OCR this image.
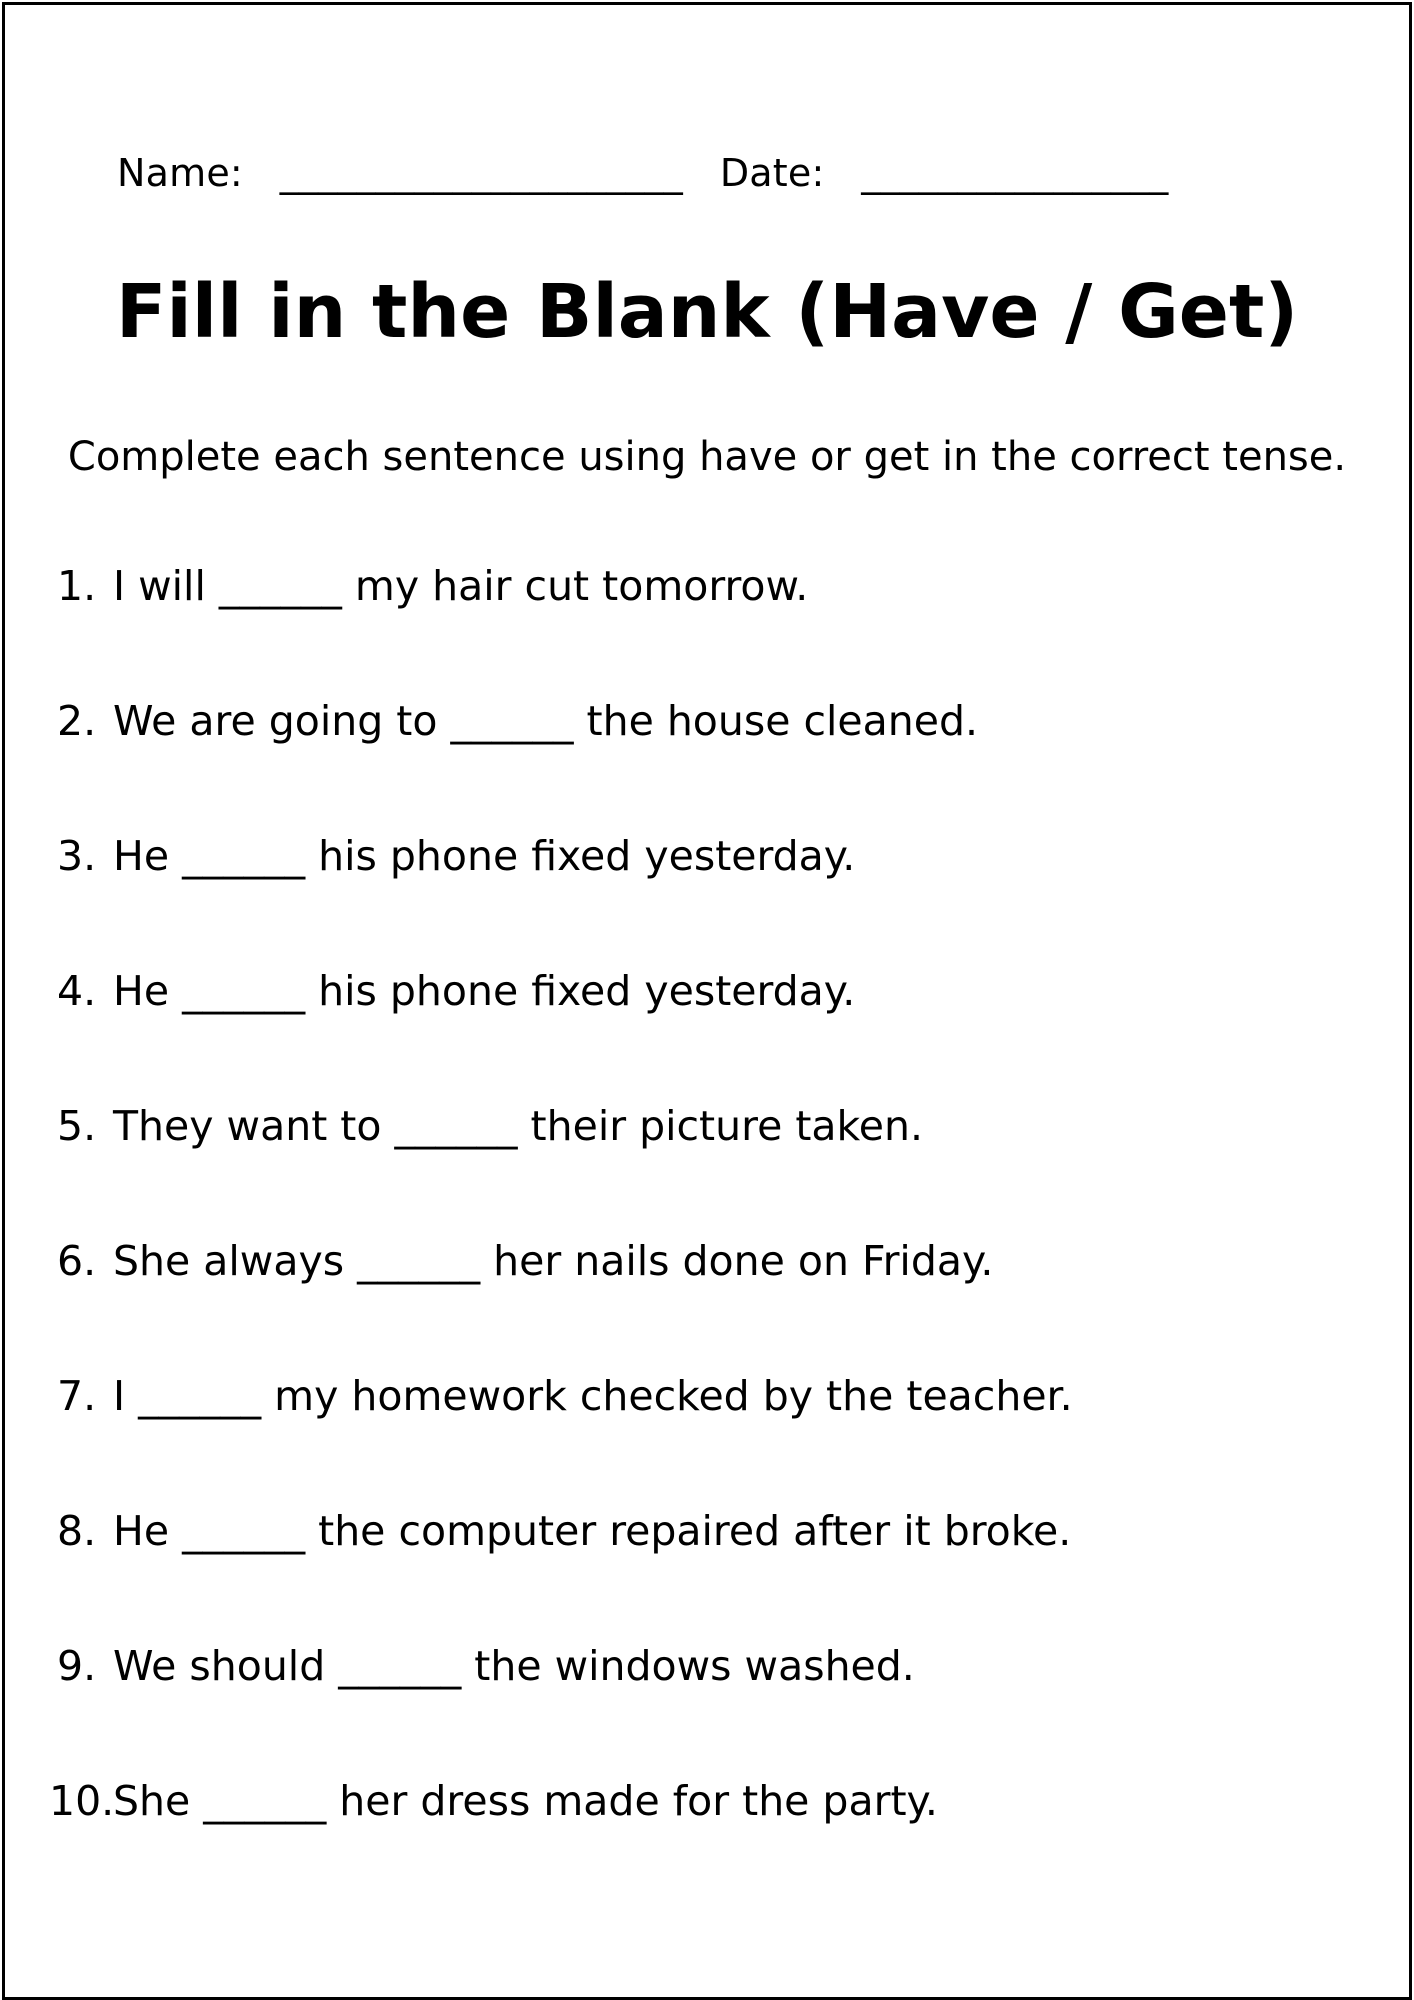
Name: _____________________ Date: ________________
Fill in the Blank (Have / Get)
Complete each sentence using have or get in the correct tense.
1. I will ______ my hair cut tomorrow.
2. We are going to ______ the house cleaned.
3. He ______ his phone fixed yesterday.
4. He ______ his phone fixed yesterday.
5. They want to ______ their picture taken.
6. She always ______ her nails done on Friday.
7. I ______ my homework checked by the teacher.
8. He ______ the computer repaired after it broke.
9. We should ______ the windows washed.
10.She ______ her dress made for the party.
